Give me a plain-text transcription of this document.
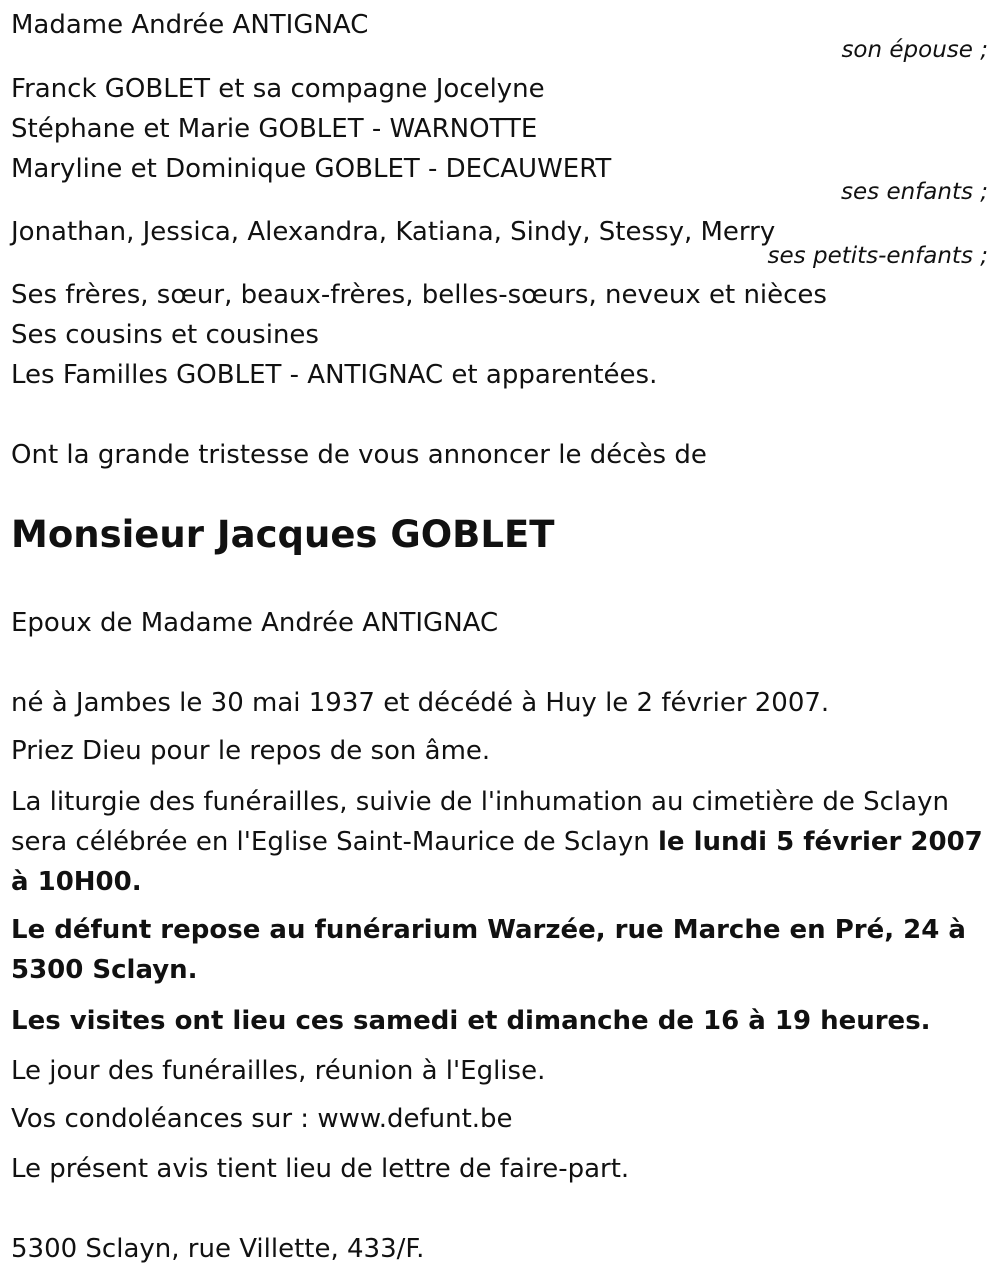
Madame Andrée ANTIGNAC
son épouse ;
Franck GOBLET et sa compagne Jocelyne
Stéphane et Marie GOBLET - WARNOTTE
Maryline et Dominique GOBLET - DECAUWERT
ses enfants ;
Jonathan, Jessica, Alexandra, Katiana, Sindy, Stessy, Merry
ses petits-enfants ;
Ses frères, sœur, beaux-frères, belles-sœurs, neveux et nièces
Ses cousins et cousines
Les Familles GOBLET - ANTIGNAC et apparentées.
Ont la grande tristesse de vous annoncer le décès de
Monsieur Jacques GOBLET
Epoux de Madame Andrée ANTIGNAC
né à Jambes le 30 mai 1937 et décédé à Huy le 2 février 2007.
Priez Dieu pour le repos de son âme.

La liturgie des funérailles, suivie de l'inhumation au cimetière de Sclayn sera célébrée en l'Eglise Saint-Maurice de Sclayn le lundi 5 février 2007 à 10H00.

Le défunt repose au funérarium Warzée, rue Marche en Pré, 24 à 5300 Sclayn.

Les visites ont lieu ces samedi et dimanche de 16 à 19 heures.
Le jour des funérailles, réunion à l'Eglise.
Vos condoléances sur : www.defunt.be
Le présent avis tient lieu de lettre de faire-part.
5300 Sclayn, rue Villette, 433/F.
